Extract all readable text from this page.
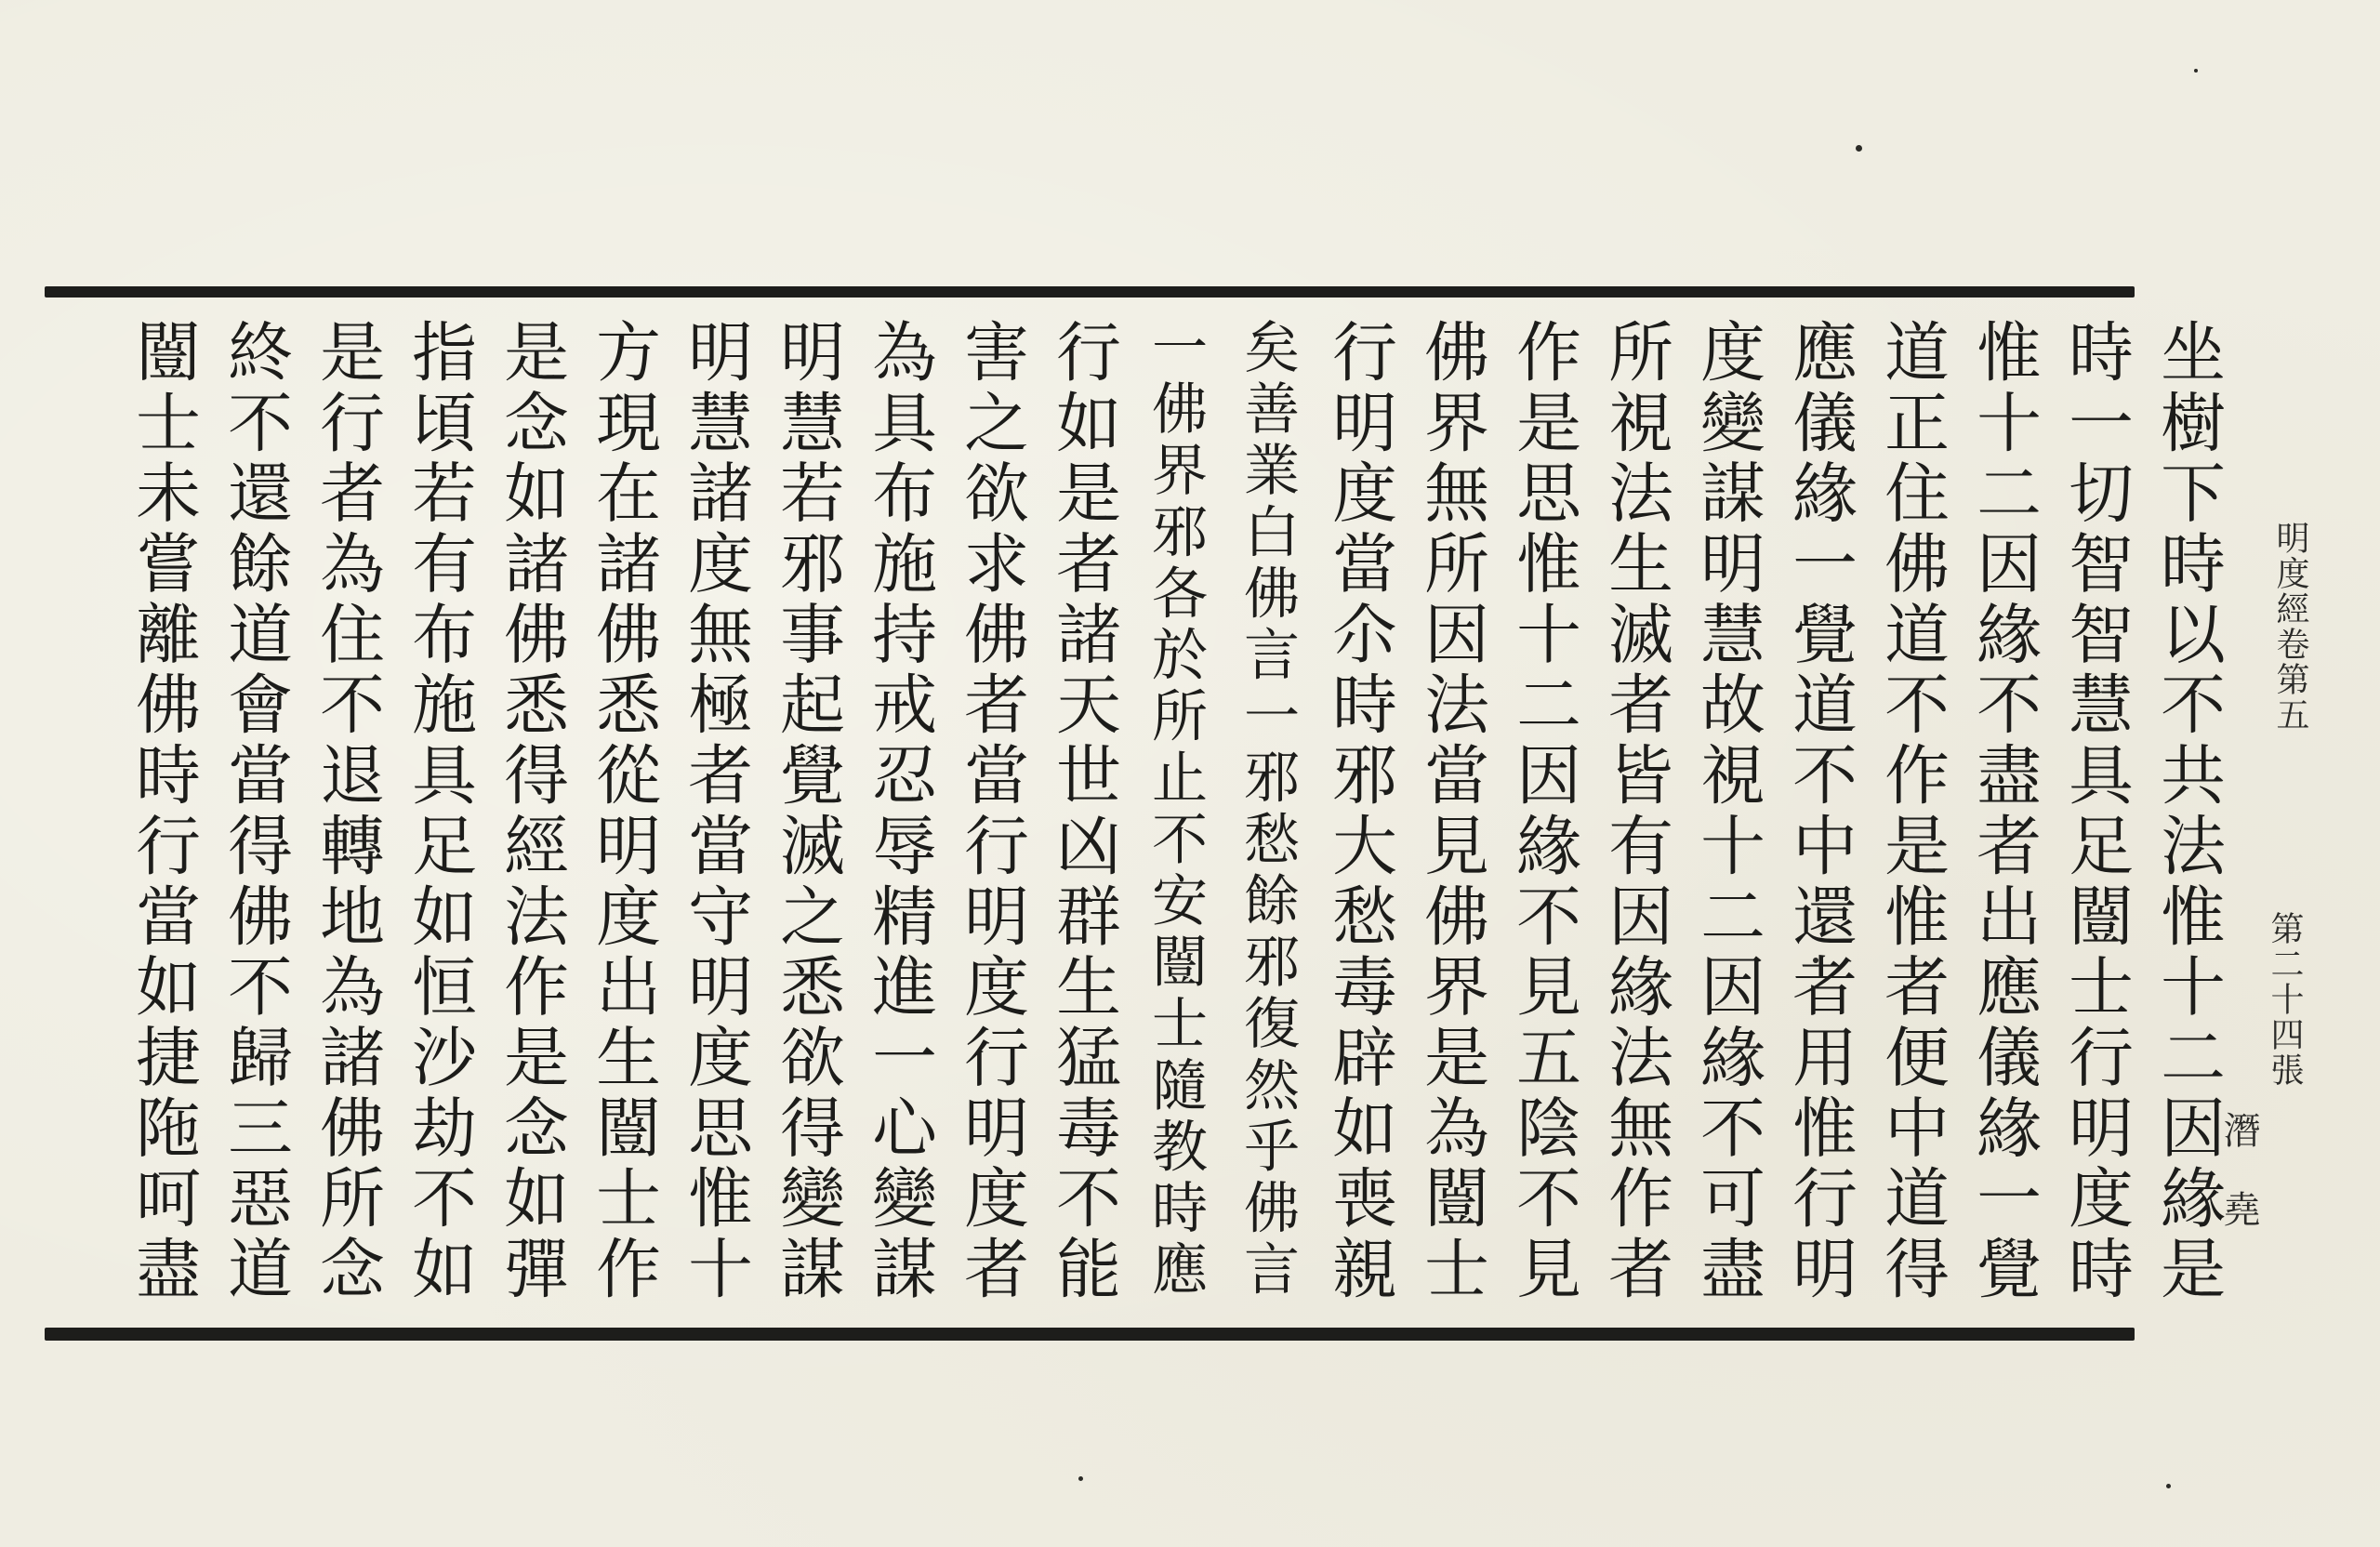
明度經卷第五
第二十四張
潛 堯
坐樹下時以不共法惟十二因緣是
時一切智智慧具足闓士行明度時
惟十二因緣不盡者出應儀緣一覺
道正住佛道不作是惟者便中道得
應儀緣一覺道不中還者用惟行明
度變謀明慧故視十二因緣不可盡
所視法生滅者皆有因緣法無作者
作是思惟十二因緣不見五陰不見
佛界無所因法當見佛界是為闓士
行明度當尒時邪大愁毒辟如喪親
矣善業白佛言一邪愁餘邪復然乎佛言
一佛界邪各於所止不安闓士隨教時應
行如是者諸天世凶群生猛毒不能
害之欲求佛者當行明度行明度者
為具布施持戒忍辱精進一心變謀
明慧若邪事起覺滅之悉欲得變謀
明慧諸度無極者當守明度思惟十
方現在諸佛悉從明度出生闓士作
是念如諸佛悉得經法作是念如彈
指頃若有布施具足如恒沙劫不如
是行者為住不退轉地為諸佛所念
終不還餘道會當得佛不歸三惡道
闓士未嘗離佛時行當如捷陁呵盡
